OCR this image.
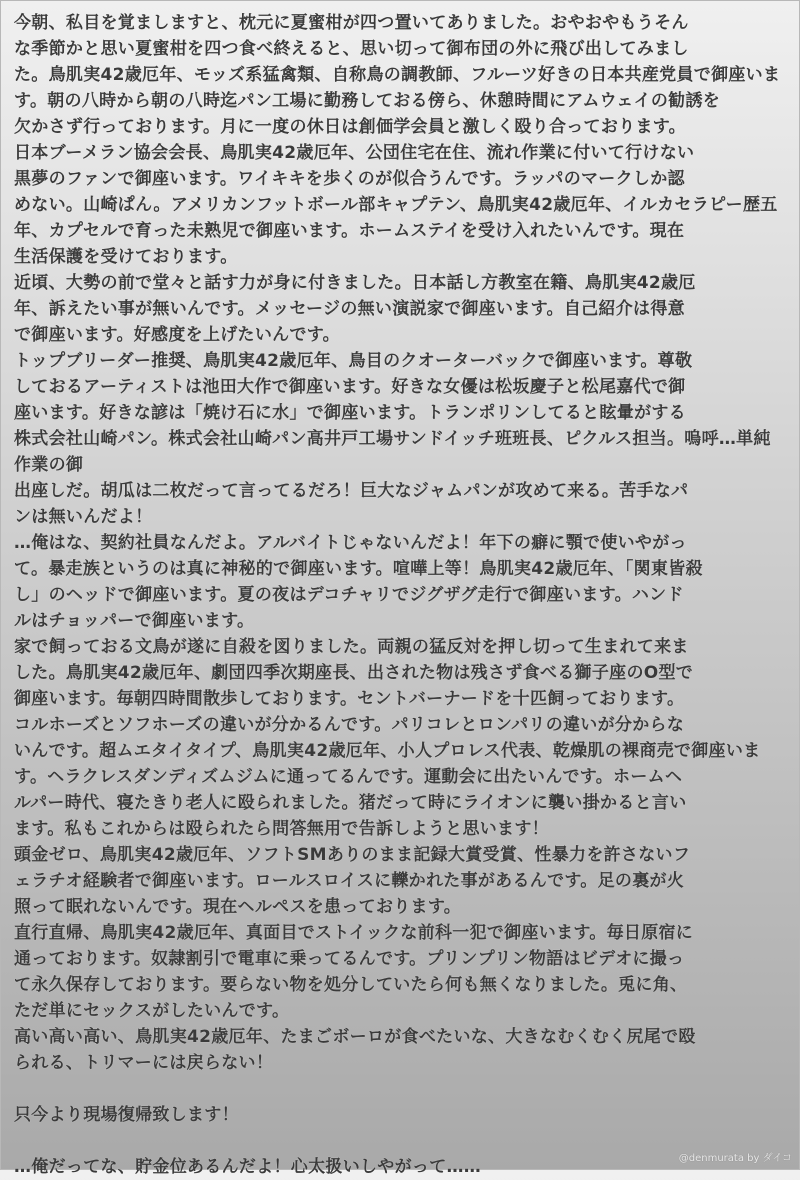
今朝、私目を覚ましますと、枕元に夏蜜柑が四つ置いてありました。おやおやもうそん
な季節かと思い夏蜜柑を四つ食べ終えると、思い切って御布団の外に飛び出してみまし
た。鳥肌実42歳厄年、モッズ系猛禽類、自称鳥の調教師、フルーツ好きの日本共産党員で御座いま
す。朝の八時から朝の八時迄パン工場に勤務しておる傍ら、休憩時間にアムウェイの勧誘を
欠かさず行っております。月に一度の休日は創価学会員と激しく殴り合っております。
日本ブーメラン協会会長、鳥肌実42歳厄年、公団住宅在住、流れ作業に付いて行けない
黒夢のファンで御座います。ワイキキを歩くのが似合うんです。ラッパのマークしか認
めない。山崎ぱん。アメリカンフットボール部キャプテン、鳥肌実42歳厄年、イルカセラピー歴五
年、カプセルで育った未熟児で御座います。ホームステイを受け入れたいんです。現在
生活保護を受けております。
近頃、大勢の前で堂々と話す力が身に付きました。日本話し方教室在籍、鳥肌実42歳厄
年、訴えたい事が無いんです。メッセージの無い演説家で御座います。自己紹介は得意
で御座います。好感度を上げたいんです。
トップブリーダー推奨、鳥肌実42歳厄年、鳥目のクオーターバックで御座います。尊敬
しておるアーティストは池田大作で御座います。好きな女優は松坂慶子と松尾嘉代で御
座います。好きな諺は「焼け石に水」で御座います。トランポリンしてると眩暈がする
株式会社山崎パン。株式会社山崎パン高井戸工場サンドイッチ班班長、ピクルス担当。嗚呼…単純作業の御
出座しだ。胡瓜は二枚だって言ってるだろ！巨大なジャムパンが攻めて来る。苦手なパ
ンは無いんだよ！
…俺はな、契約社員なんだよ。アルバイトじゃないんだよ！年下の癖に顎で使いやがっ
て。暴走族というのは真に神秘的で御座います。喧嘩上等！鳥肌実42歳厄年、「関東皆殺
し」のヘッドで御座います。夏の夜はデコチャリでジグザグ走行で御座います。ハンド
ルはチョッパーで御座います。
家で飼っておる文鳥が遂に自殺を図りました。両親の猛反対を押し切って生まれて来ま
した。鳥肌実42歳厄年、劇団四季次期座長、出された物は残さず食べる獅子座のO型で
御座います。毎朝四時間散歩しております。セントバーナードを十匹飼っております。
コルホーズとソフホーズの違いが分かるんです。パリコレとロンパリの違いが分からな
いんです。超ムエタイタイプ、鳥肌実42歳厄年、小人プロレス代表、乾燥肌の裸商売で御座いま
す。ヘラクレスダンディズムジムに通ってるんです。運動会に出たいんです。ホームヘ
ルパー時代、寝たきり老人に殴られました。猪だって時にライオンに襲い掛かると言い
ます。私もこれからは殴られたら問答無用で告訴しようと思います！
頭金ゼロ、鳥肌実42歳厄年、ソフトSMありのまま記録大賞受賞、性暴力を許さないフ
ェラチオ経験者で御座います。ロールスロイスに轢かれた事があるんです。足の裏が火
照って眠れないんです。現在ヘルペスを患っております。
直行直帰、鳥肌実42歳厄年、真面目でストイックな前科一犯で御座います。毎日原宿に
通っております。奴隷割引で電車に乗ってるんです。プリンプリン物語はビデオに撮っ
て永久保存しております。要らない物を処分していたら何も無くなりました。兎に角、
ただ単にセックスがしたいんです。
高い高い高い、鳥肌実42歳厄年、たまごボーロが食べたいな、大きなむくむく尻尾で殴
られる、トリマーには戻らない！

只今より現場復帰致します！

…俺だってな、貯金位あるんだよ！心太扱いしやがって……	@denmurata by ダイコ
